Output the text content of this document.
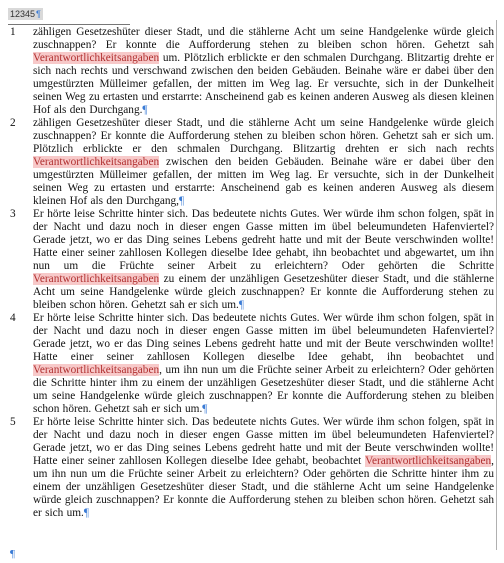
12345¶
1	zähligen Gesetzeshüter dieser Stadt, und die stählerne Acht um seine Handgelenke würde gleich zuschnappen? Er konnte die Aufforderung stehen zu bleiben schon hören. Gehetzt sah Verantwortlichkeitsangaben um. Plötzlich erblickte er den schmalen Durchgang. Blitzartig drehte er sich nach rechts und verschwand zwischen den beiden Gebäuden. Beinahe wäre er dabei über den umgestürzten Mülleimer gefallen, der mitten im Weg lag. Er versuchte, sich in der Dunkelheit seinen Weg zu ertasten und erstarrte: Anscheinend gab es keinen anderen Ausweg als diesen kleinen Hof als den Durchgang.¶
2	zähligen Gesetzeshüter dieser Stadt, und die stählerne Acht um seine Handgelenke würde gleich zuschnappen? Er konnte die Aufforderung stehen zu bleiben schon hören. Gehetzt sah er sich um. Plötzlich erblickte er den schmalen Durchgang. Blitzartig drehten er sich nach rechts Verantwortlichkeitsangaben zwischen den beiden Gebäuden. Beinahe wäre er dabei über den umgestürzten Mülleimer gefallen, der mitten im Weg lag. Er versuchte, sich in der Dunkelheit seinen Weg zu ertasten und erstarrte: Anscheinend gab es keinen anderen Ausweg als diesem kleinen Hof als den Durchgang,¶
3	Er hörte leise Schritte hinter sich. Das bedeutete nichts Gutes. Wer würde ihm schon folgen, spät in der Nacht und dazu noch in dieser engen Gasse mitten im übel beleumundeten Hafenviertel? Gerade jetzt, wo er das Ding seines Lebens gedreht hatte und mit der Beute verschwinden wollte! Hatte einer seiner zahllosen Kollegen dieselbe Idee gehabt, ihn beobachtet und abgewartet, um ihn nun um die Früchte seiner Arbeit zu erleichtern? Oder gehörten die Schritte Verantwortlichkeitsangaben zu einem der unzähligen Gesetzeshüter dieser Stadt, und die stählerne Acht um seine Handgelenke würde gleich zuschnappen? Er konnte die Aufforderung stehen zu bleiben schon hören. Gehetzt sah er sich um.¶
4	Er hörte leise Schritte hinter sich. Das bedeutete nichts Gutes. Wer würde ihm schon folgen, spät in der Nacht und dazu noch in dieser engen Gasse mitten im übel beleumundeten Hafenviertel? Gerade jetzt, wo er das Ding seines Lebens gedreht hatte und mit der Beute verschwinden wollte! Hatte einer seiner zahllosen Kollegen dieselbe Idee gehabt, ihn beobachtet und Verantwortlichkeitsangaben, um ihn nun um die Früchte seiner Arbeit zu erleichtern? Oder gehörten die Schritte hinter ihm zu einem der unzähligen Gesetzeshüter dieser Stadt, und die stählerne Acht um seine Handgelenke würde gleich zuschnappen? Er konnte die Aufforderung stehen zu bleiben schon hören. Gehetzt sah er sich um.¶
5	Er hörte leise Schritte hinter sich. Das bedeutete nichts Gutes. Wer würde ihm schon folgen, spät in der Nacht und dazu noch in dieser engen Gasse mitten im übel beleumundeten Hafenviertel? Gerade jetzt, wo er das Ding seines Lebens gedreht hatte und mit der Beute verschwinden wollte! Hatte einer seiner zahllosen Kollegen dieselbe Idee gehabt, beobachtet Verantwortlichkeitsangaben, um ihn nun um die Früchte seiner Arbeit zu erleichtern? Oder gehörten die Schritte hinter ihm zu einem der unzähligen Gesetzeshüter dieser Stadt, und die stählerne Acht um seine Handgelenke würde gleich zuschnappen? Er konnte die Aufforderung stehen zu bleiben schon hören. Gehetzt sah er sich um.¶
¶
